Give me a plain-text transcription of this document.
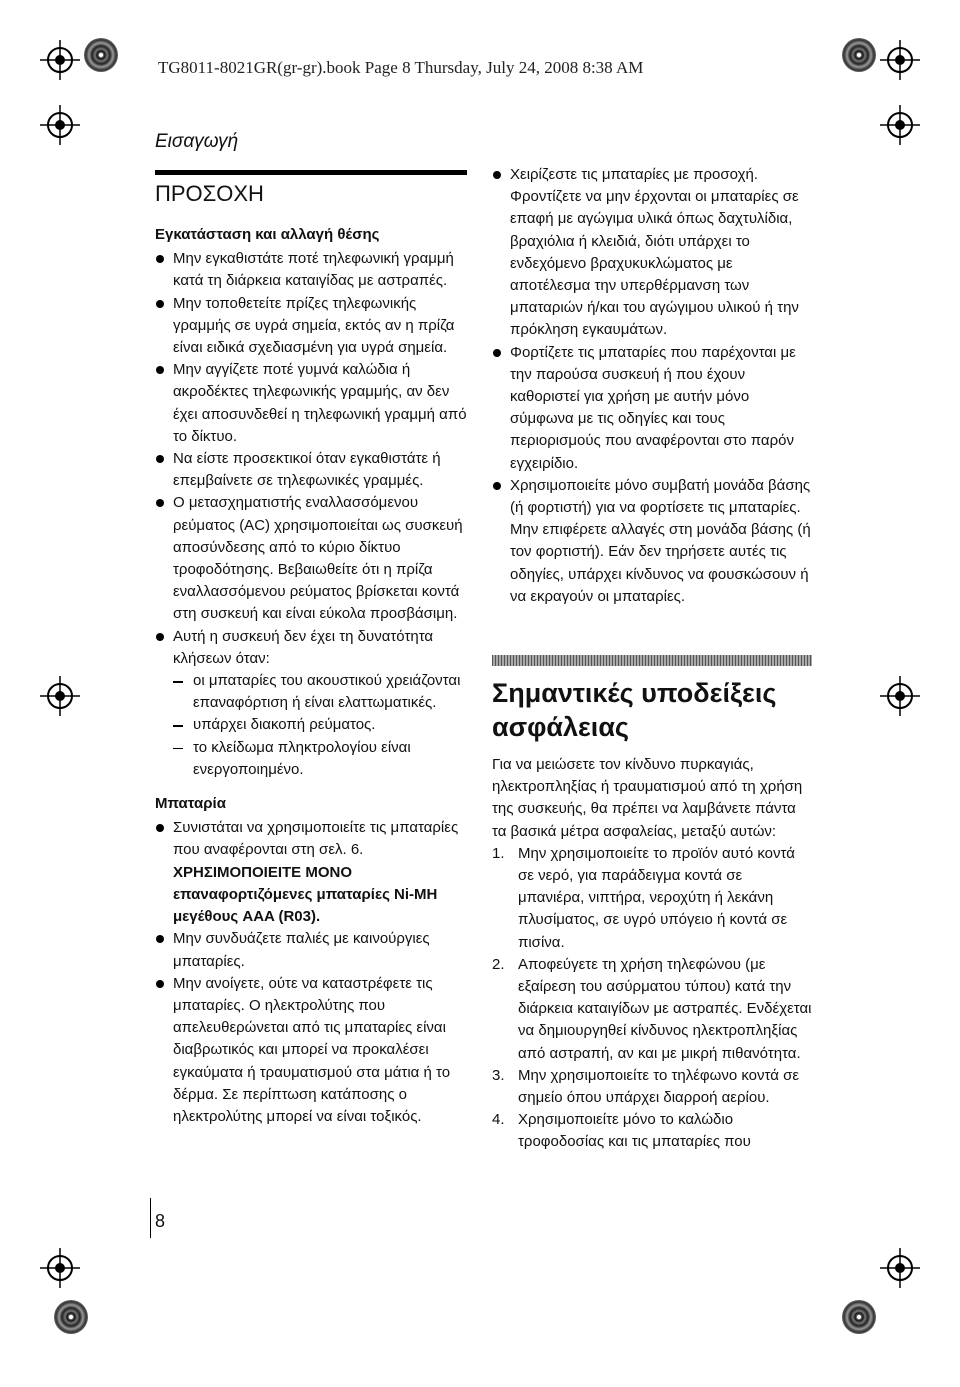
TG8011-8021GR(gr-gr).book Page 8 Thursday, July 24, 2008 8:38 AM
Εισαγωγή

ΠΡΟΣΟΧΗ

Εγκατάσταση και αλλαγή θέσης

Μην εγκαθιστάτε ποτέ τηλεφωνική γραμμή κατά τη διάρκεια καταιγίδας με αστραπές.

Μην τοποθετείτε πρίζες τηλεφωνικής γραμμής σε υγρά σημεία, εκτός αν η πρίζα είναι ειδικά σχεδιασμένη για υγρά σημεία.

Μην αγγίζετε ποτέ γυμνά καλώδια ή ακροδέκτες τηλεφωνικής γραμμής, αν δεν έχει αποσυνδεθεί η τηλεφωνική γραμμή από το δίκτυο.

Να είστε προσεκτικοί όταν εγκαθιστάτε ή επεμβαίνετε σε τηλεφωνικές γραμμές.

Ο μετασχηματιστής εναλλασσόμενου ρεύματος (AC) χρησιμοποιείται ως συσκευή αποσύνδεσης από το κύριο δίκτυο τροφοδότησης. Βεβαιωθείτε ότι η πρίζα εναλλασσόμενου ρεύματος βρίσκεται κοντά στη συσκευή και είναι εύκολα προσβάσιμη.

Αυτή η συσκευή δεν έχει τη δυνατότητα κλήσεων όταν:

οι μπαταρίες του ακουστικού χρειάζονται επαναφόρτιση ή είναι ελαττωματικές.

υπάρχει διακοπή ρεύματος.

το κλείδωμα πληκτρολογίου είναι ενεργοποιημένο.

Μπαταρία

Συνιστάται να χρησιμοποιείτε τις μπαταρίες που αναφέρονται στη σελ. 6. ΧΡΗΣΙΜΟΠΟΙΕΙΤΕ ΜΟΝΟ επαναφορτιζόμενες μπαταρίες Ni-MH μεγέθους AAA (R03).

Μην συνδυάζετε παλιές με καινούργιες μπαταρίες.

Μην ανοίγετε, ούτε να καταστρέφετε τις μπαταρίες. Ο ηλεκτρολύτης που απελευθερώνεται από τις μπαταρίες είναι διαβρωτικός και μπορεί να προκαλέσει εγκαύματα ή τραυματισμού στα μάτια ή το δέρμα. Σε περίπτωση κατάποσης ο ηλεκτρολύτης μπορεί να είναι τοξικός.

Χειρίζεστε τις μπαταρίες με προσοχή. Φροντίζετε να μην έρχονται οι μπαταρίες σε επαφή με αγώγιμα υλικά όπως δαχτυλίδια, βραχιόλια ή κλειδιά, διότι υπάρχει το ενδεχόμενο βραχυκυκλώματος με αποτέλεσμα την υπερθέρμανση των μπαταριών ή/και του αγώγιμου υλικού ή την πρόκληση εγκαυμάτων.

Φορτίζετε τις μπαταρίες που παρέχονται με την παρούσα συσκευή ή που έχουν καθοριστεί για χρήση με αυτήν μόνο σύμφωνα με τις οδηγίες και τους περιορισμούς που αναφέρονται στο παρόν εγχειρίδιο.

Χρησιμοποιείτε μόνο συμβατή μονάδα βάσης (ή φορτιστή) για να φορτίσετε τις μπαταρίες. Μην επιφέρετε αλλαγές στη μονάδα βάσης (ή τον φορτιστή). Εάν δεν τηρήσετε αυτές τις οδηγίες, υπάρχει κίνδυνος να φουσκώσουν ή να εκραγούν οι μπαταρίες.

Σημαντικές υποδείξεις ασφάλειας

Για να μειώσετε τον κίνδυνο πυρκαγιάς, ηλεκτροπληξίας ή τραυματισμού από τη χρήση της συσκευής, θα πρέπει να λαμβάνετε πάντα τα βασικά μέτρα ασφαλείας, μεταξύ αυτών:

1. Μην χρησιμοποιείτε το προϊόν αυτό κοντά σε νερό, για παράδειγμα κοντά σε μπανιέρα, νιπτήρα, νεροχύτη ή λεκάνη πλυσίματος, σε υγρό υπόγειο ή κοντά σε πισίνα.
2. Αποφεύγετε τη χρήση τηλεφώνου (με εξαίρεση του ασύρματου τύπου) κατά την διάρκεια καταιγίδων με αστραπές. Ενδέχεται να δημιουργηθεί κίνδυνος ηλεκτροπληξίας από αστραπή, αν και με μικρή πιθανότητα.
3. Μην χρησιμοποιείτε το τηλέφωνο κοντά σε σημείο όπου υπάρχει διαρροή αερίου.
4. Χρησιμοποιείτε μόνο το καλώδιο τροφοδοσίας και τις μπαταρίες που
8
